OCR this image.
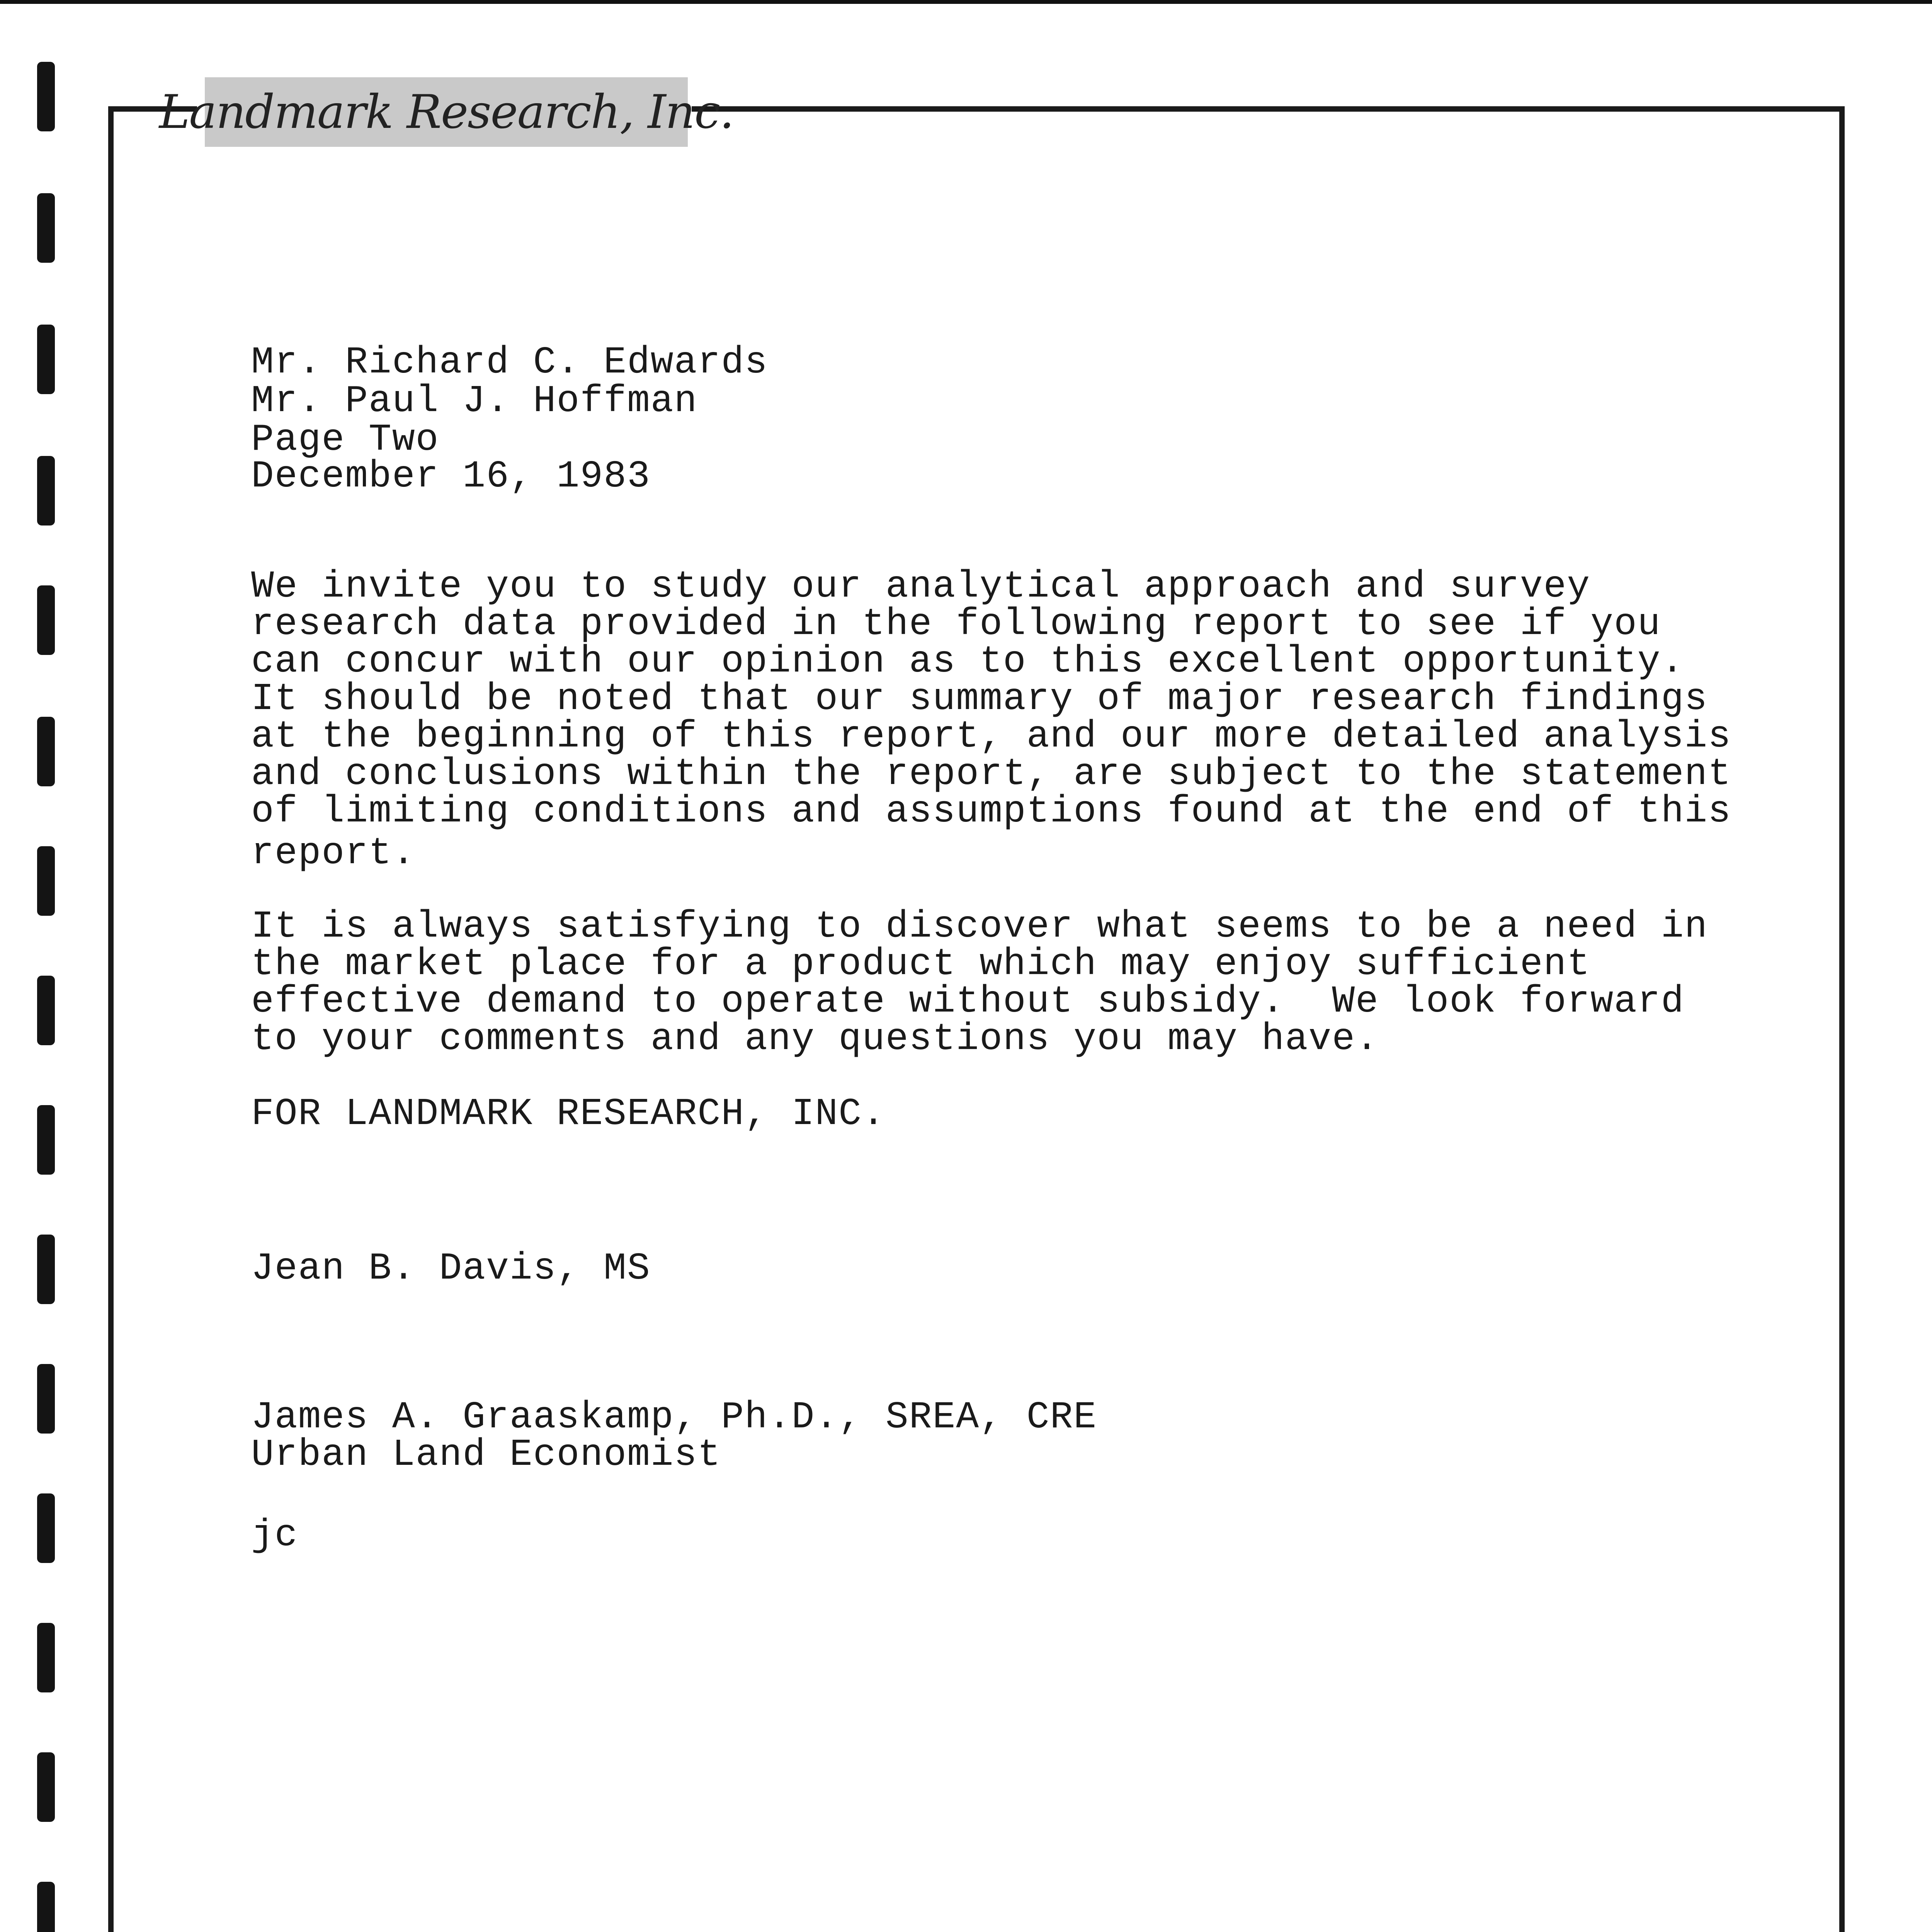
Landmark Research, Inc.

Mr. Richard C. Edwards

Mr. Paul J. Hoffman

Page Two

December 16, 1983

We invite you to study our analytical approach and survey

research data provided in the following report to see if you

can concur with our opinion as to this excellent opportunity.

It should be noted that our summary of major research findings

at the beginning of this report, and our more detailed analysis

and conclusions within the report, are subject to the statement

of limiting conditions and assumptions found at the end of this

report.

It is always satisfying to discover what seems to be a need in

the market place for a product which may enjoy sufficient

effective demand to operate without subsidy.  We look forward

to your comments and any questions you may have.

FOR LANDMARK RESEARCH, INC.

Jean B. Davis, MS

James A. Graaskamp, Ph.D., SREA, CRE

Urban Land Economist

jc
